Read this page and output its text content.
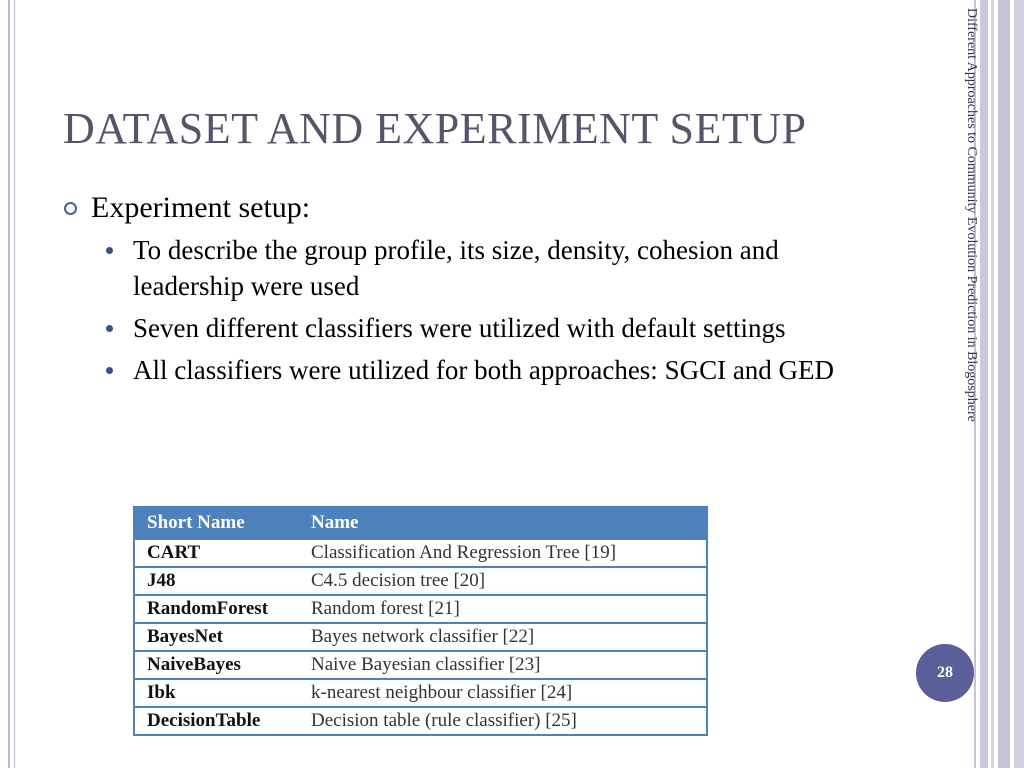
DATASET AND EXPERIMENT SETUP
Experiment setup:
To describe the group profile, its size, density, cohesion and leadership were used
Seven different classifiers were utilized with default settings
All classifiers were utilized for both approaches: SGCI and GED
Short Name	Name
CART	Classification And Regression Tree [19]
J48	C4.5 decision tree [20]
RandomForest	Random forest [21]
BayesNet	Bayes network classifier [22]
NaiveBayes	Naive Bayesian classifier [23]
Ibk	k-nearest neighbour classifier [24]
DecisionTable	Decision table (rule classifier) [25]
Different Approaches to Community Evolution Prediction in Blogosphere
28
